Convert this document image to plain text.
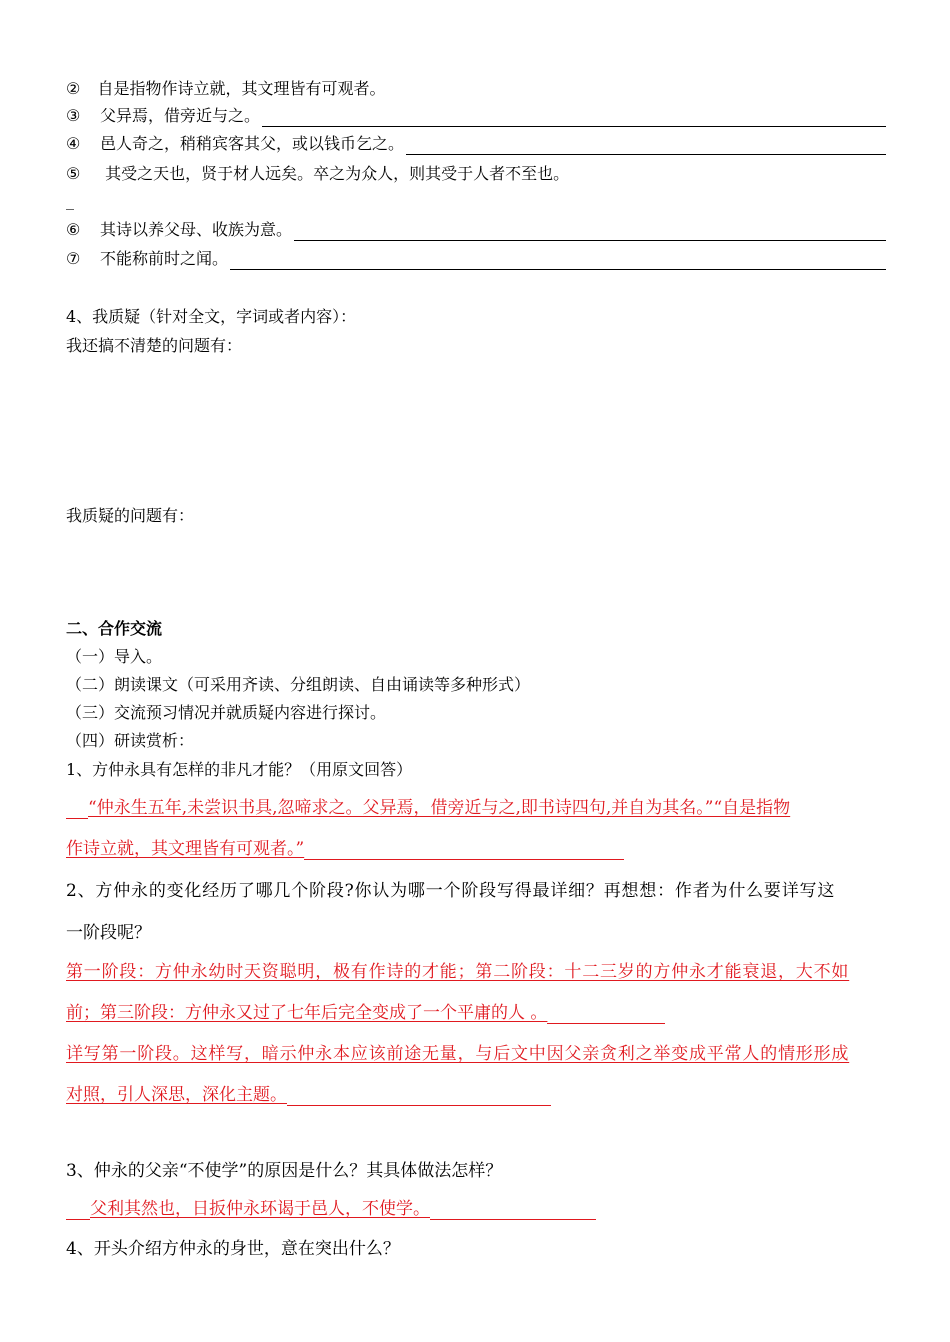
② 自是指物作诗立就，其文理皆有可观者。
③	父异焉，借旁近与之。
④	邑人奇之，稍稍宾客其父，或以钱币乞之。
⑤ 其受之天也，贤于材人远矣。卒之为众人，则其受于人者不至也。
_
⑥	其诗以养父母、收族为意。
⑦	不能称前时之闻。
4、我质疑（针对全文，字词或者内容）：
我还搞不清楚的问题有：
我质疑的问题有：
二、合作交流
（一）导入。
（二）朗读课文（可采用齐读、分组朗读、自由诵读等多种形式）
（三）交流预习情况并就质疑内容进行探讨。
（四）研读赏析：
1、方仲永具有怎样的非凡才能？（用原文回答）
“仲永生五年,未尝识书具,忽啼求之。父异焉，借旁近与之,即书诗四句,并自为其名。”“自是指物
作诗立就，其文理皆有可观者。”
2、方仲永的变化经历了哪几个阶段?你认为哪一个阶段写得最详细？再想想：作者为什么要详写这
一阶段呢？
第一阶段：方仲永幼时天资聪明，极有作诗的才能；第二阶段：十二三岁的方仲永才能衰退，大不如
前；第三阶段：方仲永又过了七年后完全变成了一个平庸的人 。
详写第一阶段。这样写，暗示仲永本应该前途无量，与后文中因父亲贪利之举变成平常人的情形形成
对照，引人深思，深化主题。
3、仲永的父亲“不使学”的原因是什么？其具体做法怎样？
父利其然也，日扳仲永环谒于邑人，不使学。
4、开头介绍方仲永的身世，意在突出什么？
